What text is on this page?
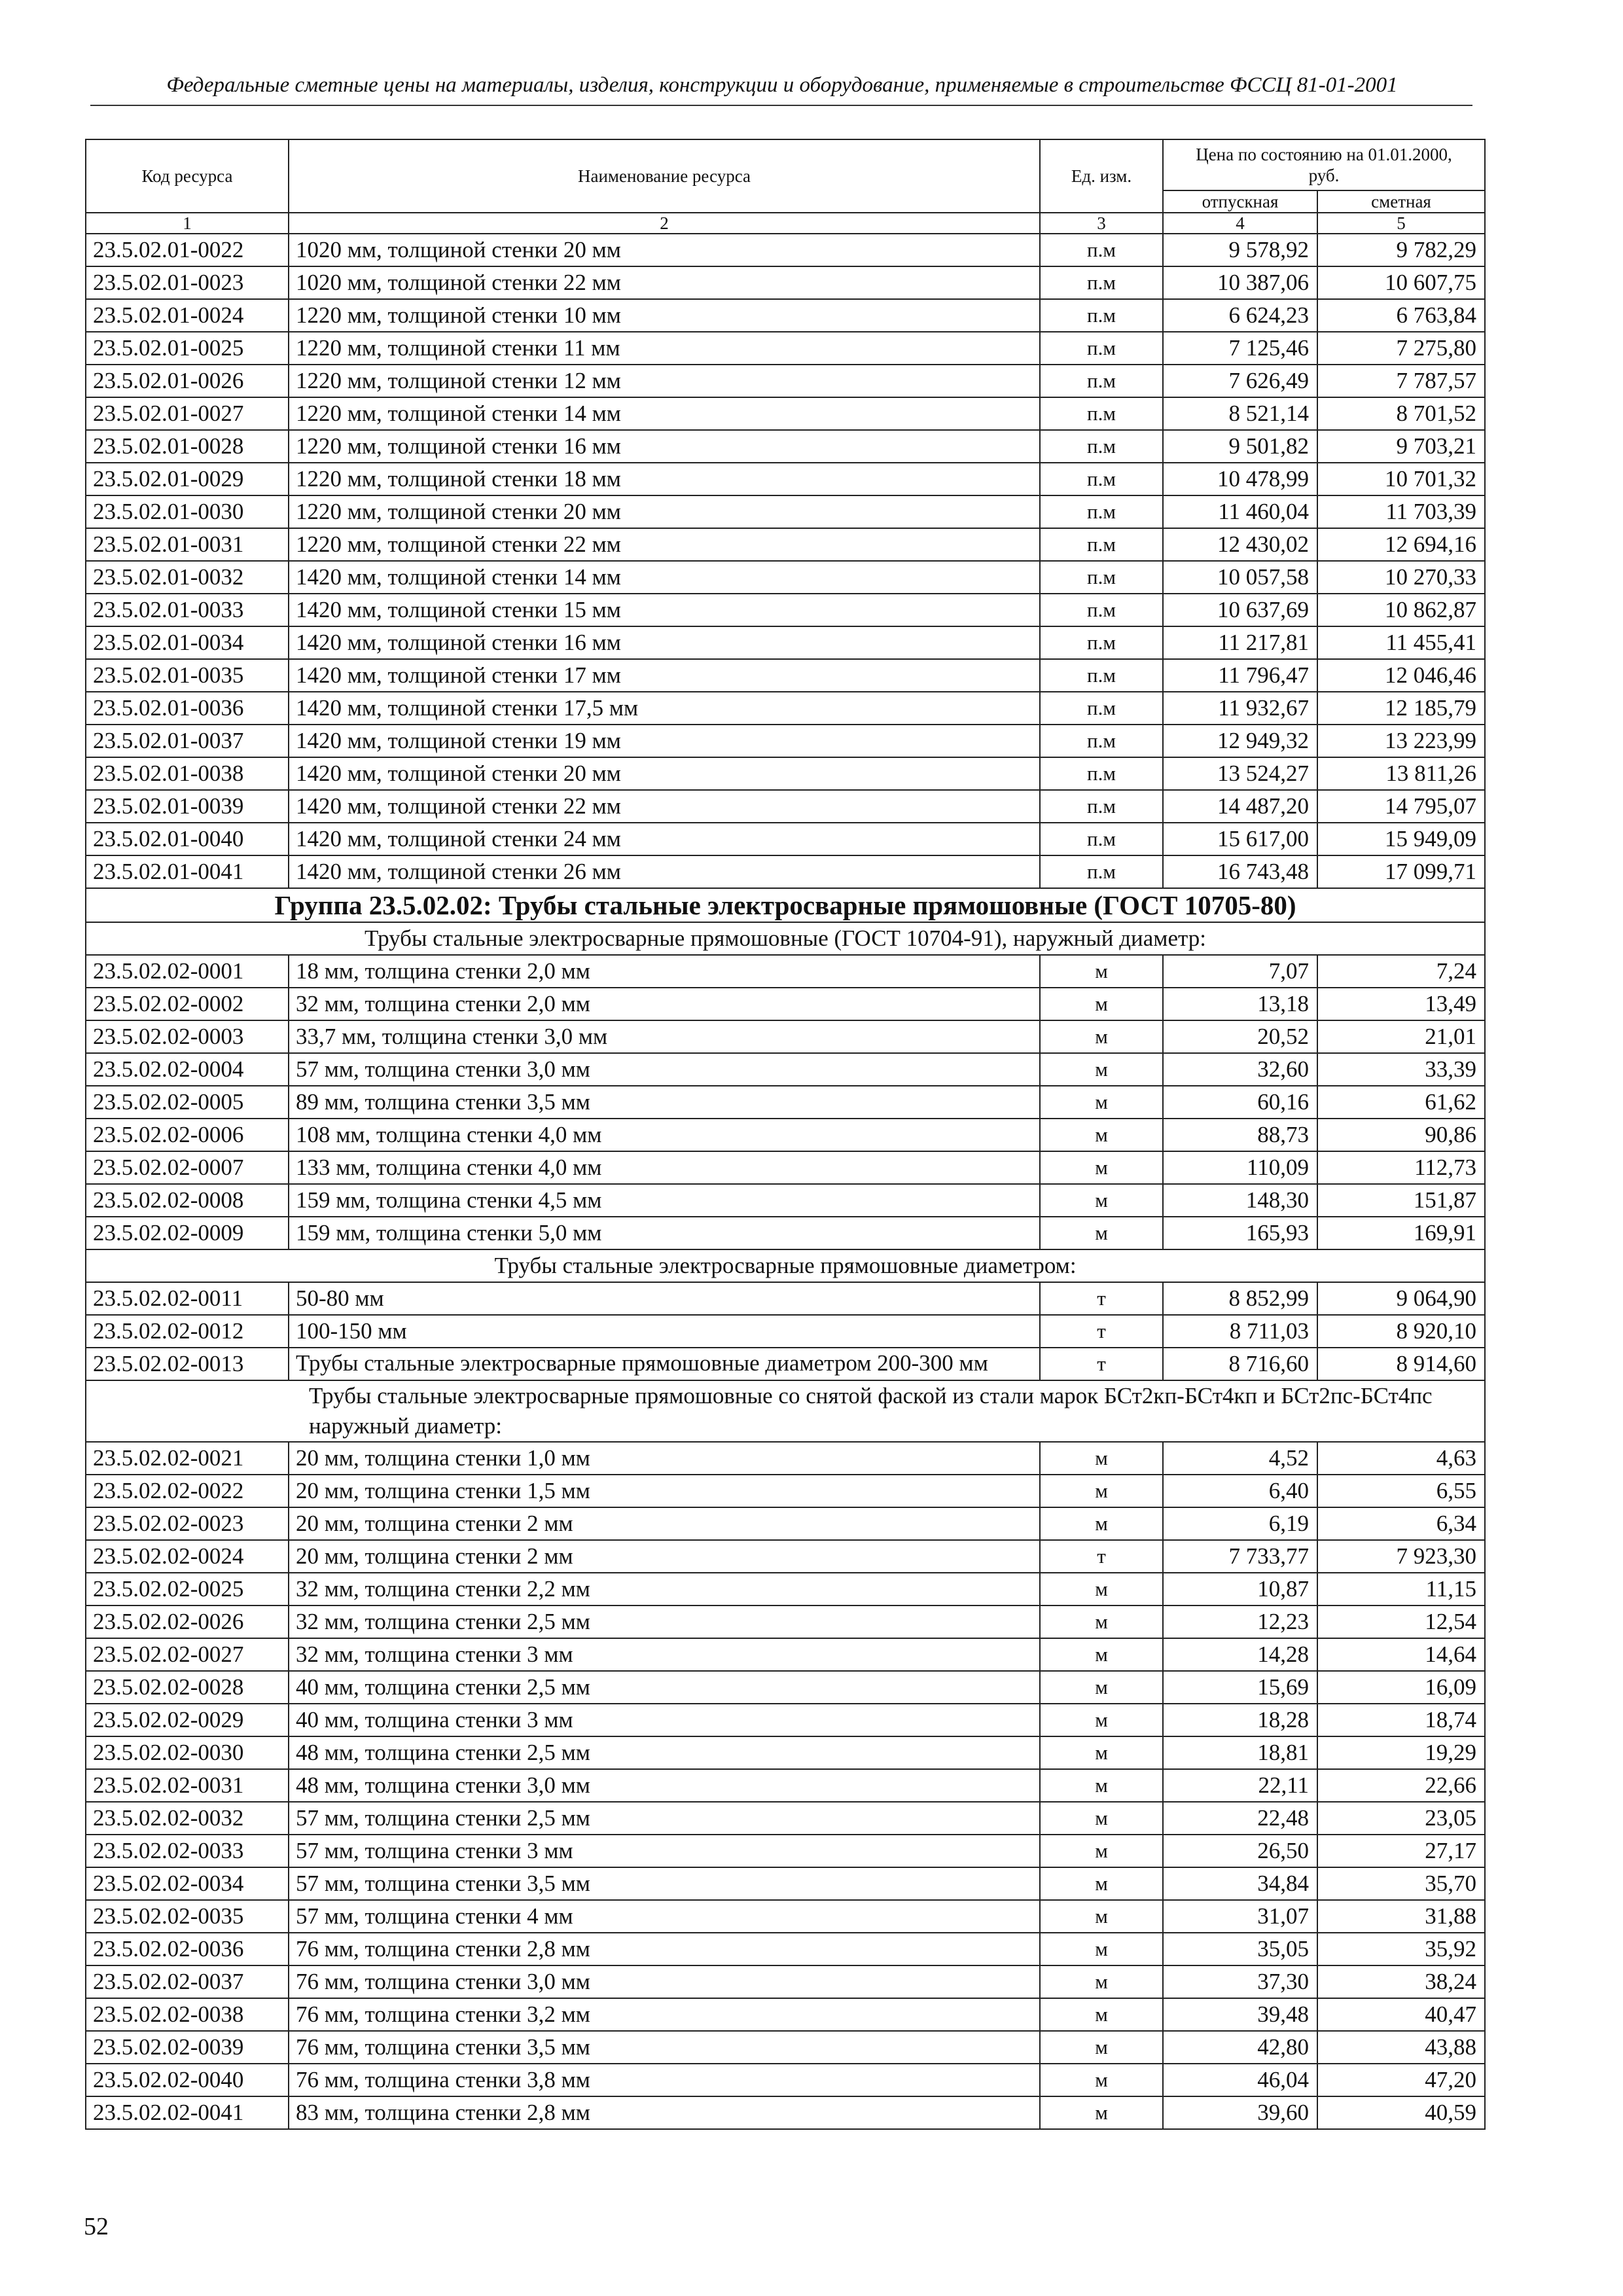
Федеральные сметные цены на материалы, изделия, конструкции и оборудование, применяемые в строительстве ФССЦ 81-01-2001
Код ресурса	Наименование ресурса	Ед. изм.	Цена по состоянию на 01.01.2000, руб.	
			отпускная	сметная
1	2	3	4	5
23.5.02.01-0022	1020 мм, толщиной стенки 20 мм	п.м	9 578,92	9 782,29
23.5.02.01-0023	1020 мм, толщиной стенки 22 мм	п.м	10 387,06	10 607,75
23.5.02.01-0024	1220 мм, толщиной стенки 10 мм	п.м	6 624,23	6 763,84
23.5.02.01-0025	1220 мм, толщиной стенки 11 мм	п.м	7 125,46	7 275,80
23.5.02.01-0026	1220 мм, толщиной стенки 12 мм	п.м	7 626,49	7 787,57
23.5.02.01-0027	1220 мм, толщиной стенки 14 мм	п.м	8 521,14	8 701,52
23.5.02.01-0028	1220 мм, толщиной стенки 16 мм	п.м	9 501,82	9 703,21
23.5.02.01-0029	1220 мм, толщиной стенки 18 мм	п.м	10 478,99	10 701,32
23.5.02.01-0030	1220 мм, толщиной стенки 20 мм	п.м	11 460,04	11 703,39
23.5.02.01-0031	1220 мм, толщиной стенки 22 мм	п.м	12 430,02	12 694,16
23.5.02.01-0032	1420 мм, толщиной стенки 14 мм	п.м	10 057,58	10 270,33
23.5.02.01-0033	1420 мм, толщиной стенки 15 мм	п.м	10 637,69	10 862,87
23.5.02.01-0034	1420 мм, толщиной стенки 16 мм	п.м	11 217,81	11 455,41
23.5.02.01-0035	1420 мм, толщиной стенки 17 мм	п.м	11 796,47	12 046,46
23.5.02.01-0036	1420 мм, толщиной стенки 17,5 мм	п.м	11 932,67	12 185,79
23.5.02.01-0037	1420 мм, толщиной стенки 19 мм	п.м	12 949,32	13 223,99
23.5.02.01-0038	1420 мм, толщиной стенки 20 мм	п.м	13 524,27	13 811,26
23.5.02.01-0039	1420 мм, толщиной стенки 22 мм	п.м	14 487,20	14 795,07
23.5.02.01-0040	1420 мм, толщиной стенки 24 мм	п.м	15 617,00	15 949,09
23.5.02.01-0041	1420 мм, толщиной стенки 26 мм	п.м	16 743,48	17 099,71
Группа 23.5.02.02: Трубы стальные электросварные прямошовные (ГОСТ 10705-80)				
Трубы стальные электросварные прямошовные (ГОСТ 10704-91), наружный диаметр:				
23.5.02.02-0001	18 мм, толщина стенки 2,0 мм	м	7,07	7,24
23.5.02.02-0002	32 мм, толщина стенки 2,0 мм	м	13,18	13,49
23.5.02.02-0003	33,7 мм, толщина стенки 3,0 мм	м	20,52	21,01
23.5.02.02-0004	57 мм, толщина стенки 3,0 мм	м	32,60	33,39
23.5.02.02-0005	89 мм, толщина стенки 3,5 мм	м	60,16	61,62
23.5.02.02-0006	108 мм, толщина стенки 4,0 мм	м	88,73	90,86
23.5.02.02-0007	133 мм, толщина стенки 4,0 мм	м	110,09	112,73
23.5.02.02-0008	159 мм, толщина стенки 4,5 мм	м	148,30	151,87
23.5.02.02-0009	159 мм, толщина стенки 5,0 мм	м	165,93	169,91
Трубы стальные электросварные прямошовные диаметром:				
23.5.02.02-0011	50-80 мм	т	8 852,99	9 064,90
23.5.02.02-0012	100-150 мм	т	8 711,03	8 920,10
23.5.02.02-0013	Трубы стальные электросварные прямошовные диаметром 200-300 мм	т	8 716,60	8 914,60
Трубы стальные электросварные прямошовные со снятой фаской из стали марок БСт2кп-БСт4кп и БСт2пс-БСт4пс наружный диаметр:				
23.5.02.02-0021	20 мм, толщина стенки 1,0 мм	м	4,52	4,63
23.5.02.02-0022	20 мм, толщина стенки 1,5 мм	м	6,40	6,55
23.5.02.02-0023	20 мм, толщина стенки 2 мм	м	6,19	6,34
23.5.02.02-0024	20 мм, толщина стенки 2 мм	т	7 733,77	7 923,30
23.5.02.02-0025	32 мм, толщина стенки 2,2 мм	м	10,87	11,15
23.5.02.02-0026	32 мм, толщина стенки 2,5 мм	м	12,23	12,54
23.5.02.02-0027	32 мм, толщина стенки 3 мм	м	14,28	14,64
23.5.02.02-0028	40 мм, толщина стенки 2,5 мм	м	15,69	16,09
23.5.02.02-0029	40 мм, толщина стенки 3 мм	м	18,28	18,74
23.5.02.02-0030	48 мм, толщина стенки 2,5 мм	м	18,81	19,29
23.5.02.02-0031	48 мм, толщина стенки 3,0 мм	м	22,11	22,66
23.5.02.02-0032	57 мм, толщина стенки 2,5 мм	м	22,48	23,05
23.5.02.02-0033	57 мм, толщина стенки 3 мм	м	26,50	27,17
23.5.02.02-0034	57 мм, толщина стенки 3,5 мм	м	34,84	35,70
23.5.02.02-0035	57 мм, толщина стенки 4 мм	м	31,07	31,88
23.5.02.02-0036	76 мм, толщина стенки 2,8 мм	м	35,05	35,92
23.5.02.02-0037	76 мм, толщина стенки 3,0 мм	м	37,30	38,24
23.5.02.02-0038	76 мм, толщина стенки 3,2 мм	м	39,48	40,47
23.5.02.02-0039	76 мм, толщина стенки 3,5 мм	м	42,80	43,88
23.5.02.02-0040	76 мм, толщина стенки 3,8 мм	м	46,04	47,20
23.5.02.02-0041	83 мм, толщина стенки 2,8 мм	м	39,60	40,59
52
